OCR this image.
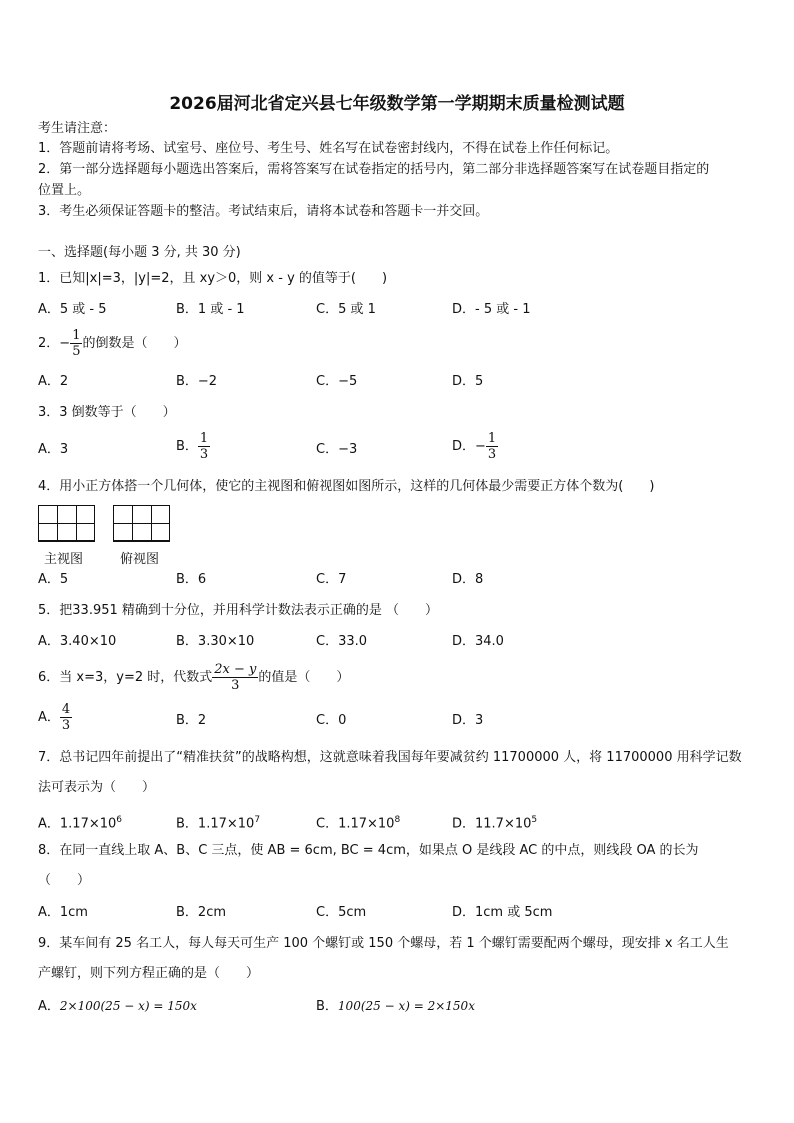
2026届河北省定兴县七年级数学第一学期期末质量检测试题
考生请注意：
1．答题前请将考场、试室号、座位号、考生号、姓名写在试卷密封线内，不得在试卷上作任何标记。
2．第一部分选择题每小题选出答案后，需将答案写在试卷指定的括号内，第二部分非选择题答案写在试卷题目指定的
位置上。
3．考生必须保证答题卡的整洁。考试结束后，请将本试卷和答题卡一并交回。
一、选择题(每小题 3 分, 共 30 分)
1．已知|x|=3，|y|=2，且 xy＞0，则 x - y 的值等于(　　)
A．5 或 - 5	B．1 或 - 1	C．5 或 1	D．- 5 或 - 1
2．− $\frac{1}{5}$ 的倒数是（　　）
A．2	B．−2	C．−5	D．5
3．3 倒数等于（　　）
A．3	B． $\frac{1}{3}$	C．−3	D．− $\frac{1}{3}$
4．用小正方体搭一个几何体，使它的主视图和俯视图如图所示，这样的几何体最少需要正方体个数为(　　)
主视图	俯视图
A．5	B．6	C．7	D．8
5．把33.951 精确到十分位，并用科学计数法表示正确的是 （　　）
A．3.40×10	B．3.30×10	C．33.0	D．34.0
6．当 x=3，y=2 时，代数式 $\frac{2x - y}{3}$ 的值是（　　）
A． $\frac{4}{3}$	B．2	C．0	D．3
7．总书记四年前提出了“精准扶贫”的战略构想，这就意味着我国每年要减贫约 11700000 人，将 11700000 用科学记数
法可表示为（　　）
A．$1.17\times 10^6$	B．$1.17\times 10^7$	C．$1.17\times 10^8$	D．$11.7\times 10^5$
8．在同一直线上取 A、B、C 三点，使 AB = 6cm, BC = 4cm，如果点 O 是线段 AC 的中点，则线段 OA 的长为
（　　）
A．1cm	B．2cm	C．5cm	D．1cm 或 5cm
9．某车间有 25 名工人，每人每天可生产 100 个螺钉或 150 个螺母，若 1 个螺钉需要配两个螺母，现安排 x 名工人生
产螺钉，则下列方程正确的是（　　）
A．2×100(25 − x) = 150x	B．100(25 − x) = 2×150x
